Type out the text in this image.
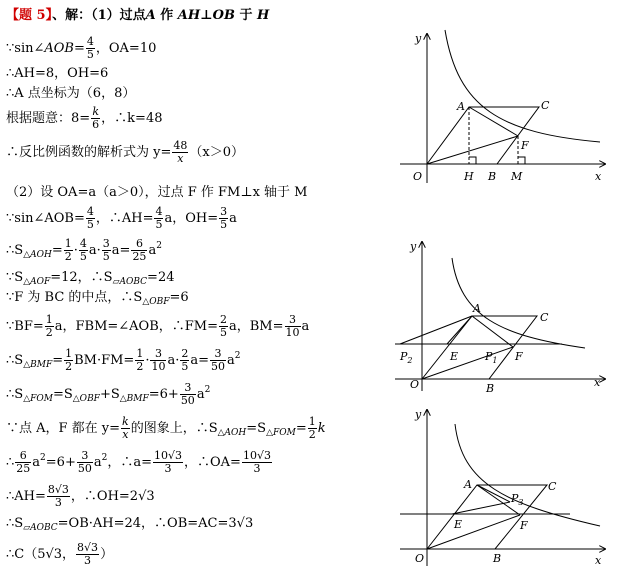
【题 5】、解：（1）过点A 作 AH⊥OB 于 H
∵sin∠AOB= $\frac{4}{5}$ ，OA=10
∴AH=8，OH=6
∴A 点坐标为（6，8）
根据题意：$8= \frac{k}{6}$ ，∴k=48
∴反比例函数的解析式为 $y= \frac{48}{x} (x>0)$
（2）设 OA=a（a＞0），过点 F 作 FM⊥x 轴于 M
∵sin∠AOB= $\frac{4}{5}$ ，∴AH= $\frac{4}{5}$ a，$OH= \frac{3}{5}$ a
$\therefore S_{\triangle AOH}= \frac{1}{2} \cdot \frac{4}{5} a\cdot \frac{3}{5} a= \frac{6}{25} a^2$
$\because S_{\triangle AOF}=12$，$\therefore S_{▱AOBC}=24$
∵F 为 BC 的中点，$\therefore S_{\triangle OBF}=6$
∵BF= $\frac{1}{2}$ a，FBM=∠AOB，∴FM= $\frac{2}{5}$ a，$BM= \frac{3}{10}$ a
$\therefore S_{\triangle BMF}= \frac{1}{2} BM\cdot FM= \frac{1}{2} \cdot \frac{3}{10} a\cdot \frac{2}{5} a= \frac{3}{50} a^2$
$\therefore S_{\triangle FOM}=S_{\triangle OBF}+S_{\triangle BMF}=6+ \frac{3}{50} a^2$
∵点 A，F 都在 $y= \frac{k}{x}$ 的图象上，$\therefore S_{\triangle AOH}=S_{\triangle FOM}= \frac{1}{2}$ k
∴ $\frac{6}{25} a^2=6+ \frac{3}{50} a^2$，∴a= $\frac{10√3}{3}$ ，∴OA= $\frac{10√3}{3}$
∴AH= $\frac{8√3}{3}$ ，∴OH=2√3
$\therefore S_{▱AOBC}=OB\cdot AH=24$，∴OB=AC=3√3
∴C（5√3， $\frac{8√3}{3}$ ）
y
x
O
A	C
F
H B M
y
x
O
A
C
$P_2$	E $P_1$ F
B
y
x
O
A	C
$P_3$
E	F
B
